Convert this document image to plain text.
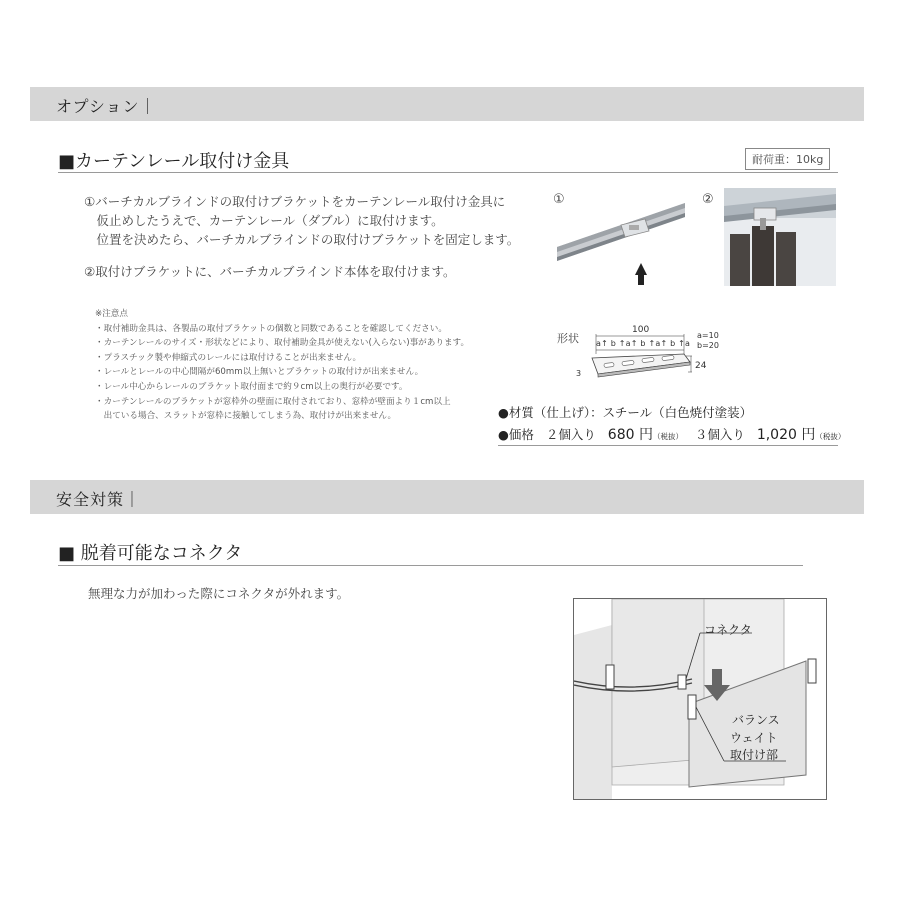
オプション｜
■カーテンレール取付け金具	耐荷重：10kg
①バーチカルブラインドの取付けブラケットをカーテンレール取付け金具に
　仮止めしたうえで、カーテンレール（ダブル）に取付けます。
　位置を決めたら、バーチカルブラインドの取付けブラケットを固定します。
②取付けブラケットに、バーチカルブラインド本体を取付けます。
※注意点
・取付補助金具は、各製品の取付ブラケットの個数と同数であることを確認してください。
・カーテンレールのサイズ・形状などにより、取付補助金具が使えない(入らない)事があります。
・プラスチック製や伸縮式のレールには取付けることが出来ません。
・レールとレールの中心間隔が60mm以上無いとブラケットの取付けが出来ません。
・レール中心からレールのブラケット取付面まで約９cm以上の奥行が必要です。
・カーテンレールのブラケットが窓枠外の壁面に取付されており、窓枠が壁面より１cm以上
　出ている場合、スラットが窓枠に接触してしまう為、取付けが出来ません。
①	②
形状
100
a↑ b ↑a↑ b ↑a↑ b ↑a
a=10
b=20
24
3
●材質（仕上げ）：スチール（白色焼付塗装）
●価格 ２個入り 680 円（税抜） ３個入り 1,020 円（税抜）
安全対策｜
■ 脱着可能なコネクタ
無理な力が加わった際にコネクタが外れます。
コネクタ
バランス
ウェイト
取付け部
